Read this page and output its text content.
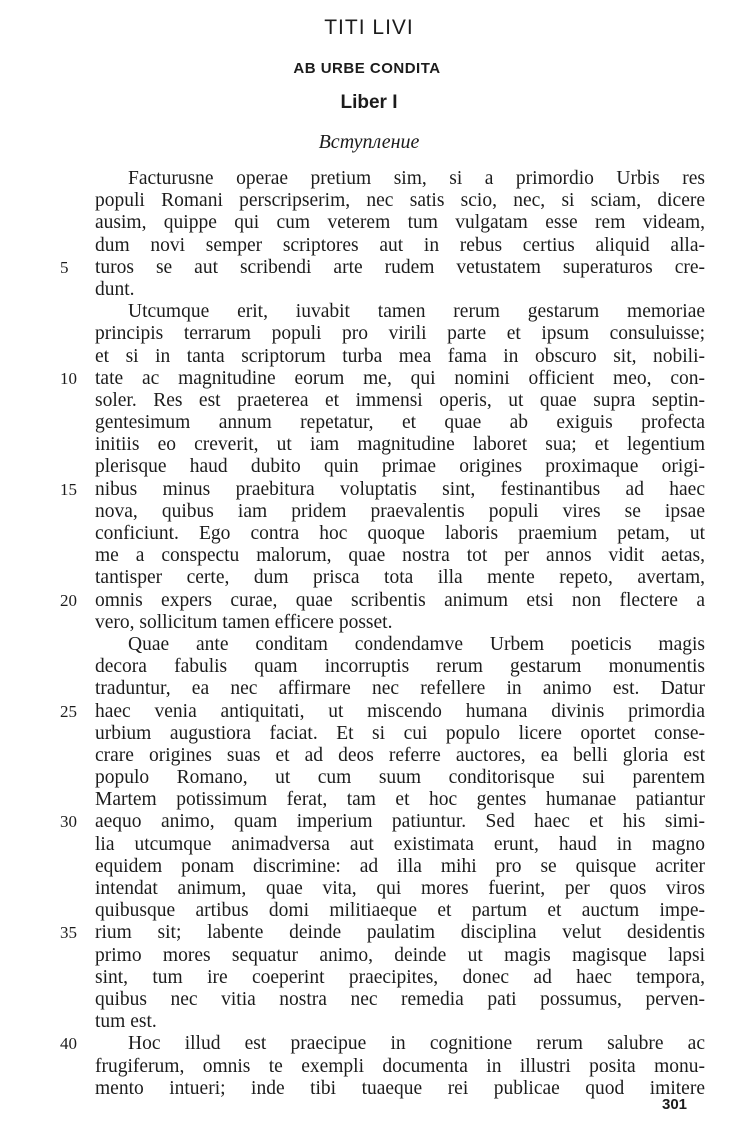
TITI LIVI
AB URBE CONDITA
Liber I
Вступление
Facturusne operae pretium sim, si a primordio Urbis res
populi Romani perscripserim, nec satis scio, nec, si sciam, dicere
ausim, quippe qui cum veterem tum vulgatam esse rem videam,
dum novi semper scriptores aut in rebus certius aliquid alla-
5	turos se aut scribendi arte rudem vetustatem superaturos cre-
dunt.
Utcumque erit, iuvabit tamen rerum gestarum memoriae
principis terrarum populi pro virili parte et ipsum consuluisse;
et si in tanta scriptorum turba mea fama in obscuro sit, nobili-
10 tate ac magnitudine eorum me, qui nomini officient meo, con-
soler. Res est praeterea et immensi operis, ut quae supra septin-
gentesimum annum repetatur, et quae ab exiguis profecta
initiis eo creverit, ut iam magnitudine laboret sua; et legentium
plerisque haud dubito quin primae origines proximaque origi-
15 nibus minus praebitura voluptatis sint, festinantibus ad haec
nova, quibus iam pridem praevalentis populi vires se ipsae
conficiunt. Ego contra hoc quoque laboris praemium petam, ut
me a conspectu malorum, quae nostra tot per annos vidit aetas,
tantisper certe, dum prisca tota illa mente repeto, avertam,
20 omnis expers curae, quae scribentis animum etsi non flectere a
vero, sollicitum tamen efficere posset.
Quae ante conditam condendamve Urbem poeticis magis
decora fabulis quam incorruptis rerum gestarum monumentis
traduntur, ea nec affirmare nec refellere in animo est. Datur
25 haec venia antiquitati, ut miscendo humana divinis primordia
urbium augustiora faciat. Et si cui populo licere oportet conse-
crare origines suas et ad deos referre auctores, ea belli gloria est
populo Romano, ut cum suum conditorisque sui parentem
Martem potissimum ferat, tam et hoc gentes humanae patiantur
30 aequo animo, quam imperium patiuntur. Sed haec et his simi-
lia utcumque animadversa aut existimata erunt, haud in magno
equidem ponam discrimine: ad illa mihi pro se quisque acriter
intendat animum, quae vita, qui mores fuerint, per quos viros
quibusque artibus domi militiaeque et partum et auctum impe-
35 rium sit; labente deinde paulatim disciplina velut desidentis
primo mores sequatur animo, deinde ut magis magisque lapsi
sint, tum ire coeperint praecipites, donec ad haec tempora,
quibus nec vitia nostra nec remedia pati possumus, perven-
tum est.
40	Hoc illud est praecipue in cognitione rerum salubre ac
frugiferum, omnis te exempli documenta in illustri posita monu-
mento intueri; inde tibi tuaeque rei publicae quod imitere
301
